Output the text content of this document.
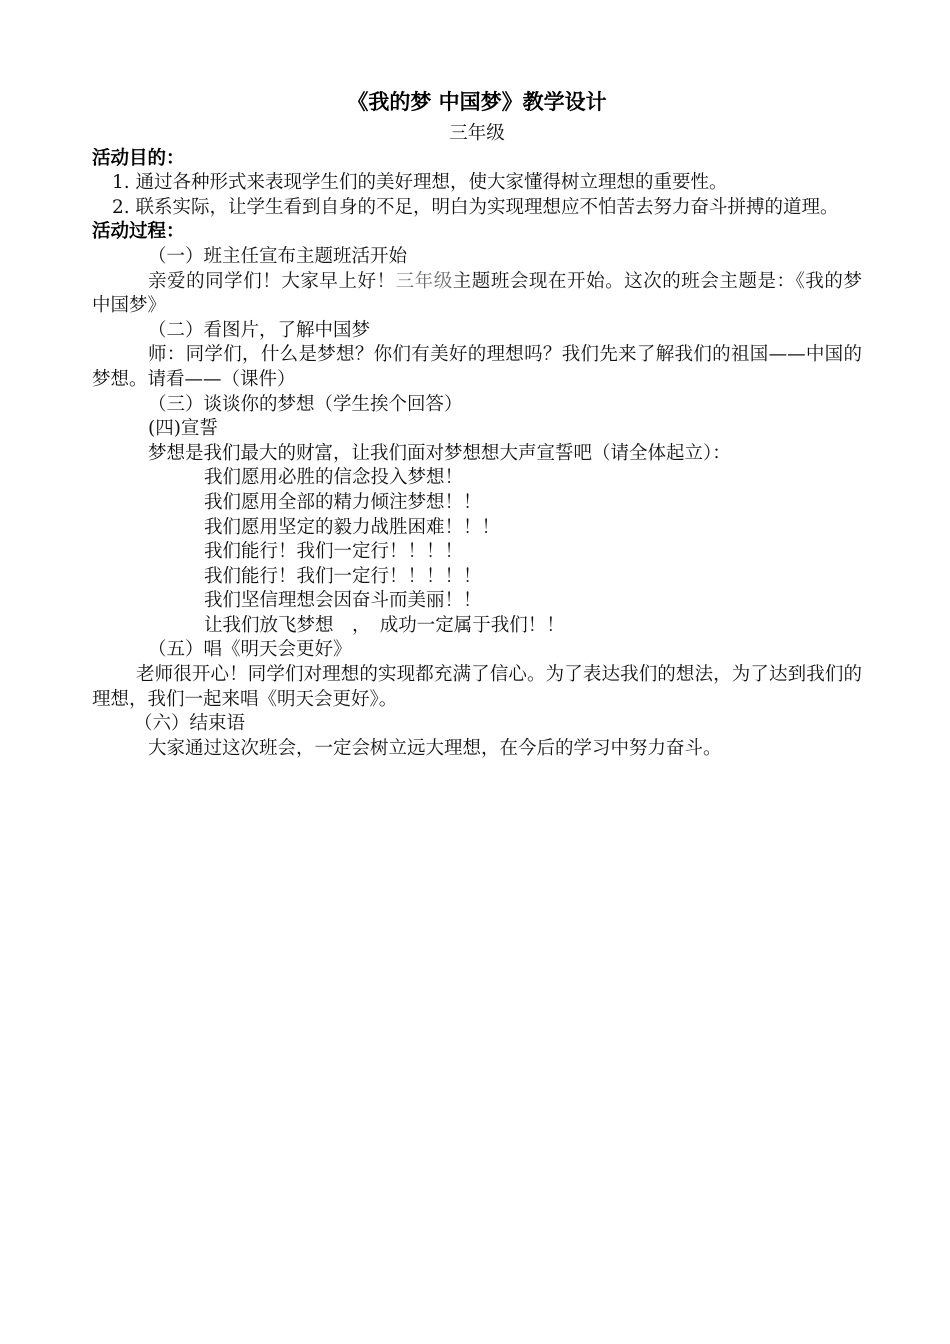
《我的梦 中国梦》教学设计
三年级
活动目的：
1. 通过各种形式来表现学生们的美好理想，使大家懂得树立理想的重要性。
2. 联系实际，让学生看到自身的不足，明白为实现理想应不怕苦去努力奋斗拼搏的道理。
活动过程：
（一）班主任宣布主题班活开始
亲爱的同学们！大家早上好！三年级主题班会现在开始。这次的班会主题是：《我的梦 中国梦》
（二）看图片，了解中国梦
师：同学们，什么是梦想？你们有美好的理想吗？我们先来了解我们的祖国——中国的梦想。请看——（课件）
（三）谈谈你的梦想（学生挨个回答）
(四)宣誓
梦想是我们最大的财富，让我们面对梦想想大声宣誓吧（请全体起立）：
我们愿用必胜的信念投入梦想！
我们愿用全部的精力倾注梦想！！
我们愿用坚定的毅力战胜困难！！！
我们能行！我们一定行！！！！
我们能行！我们一定行！！！！！
我们坚信理想会因奋斗而美丽！！
让我们放飞梦想　，　成功一定属于我们！！
（五）唱《明天会更好》
老师很开心！同学们对理想的实现都充满了信心。为了表达我们的想法，为了达到我们的理想，我们一起来唱《明天会更好》。
（六）结束语
大家通过这次班会，一定会树立远大理想，在今后的学习中努力奋斗。
